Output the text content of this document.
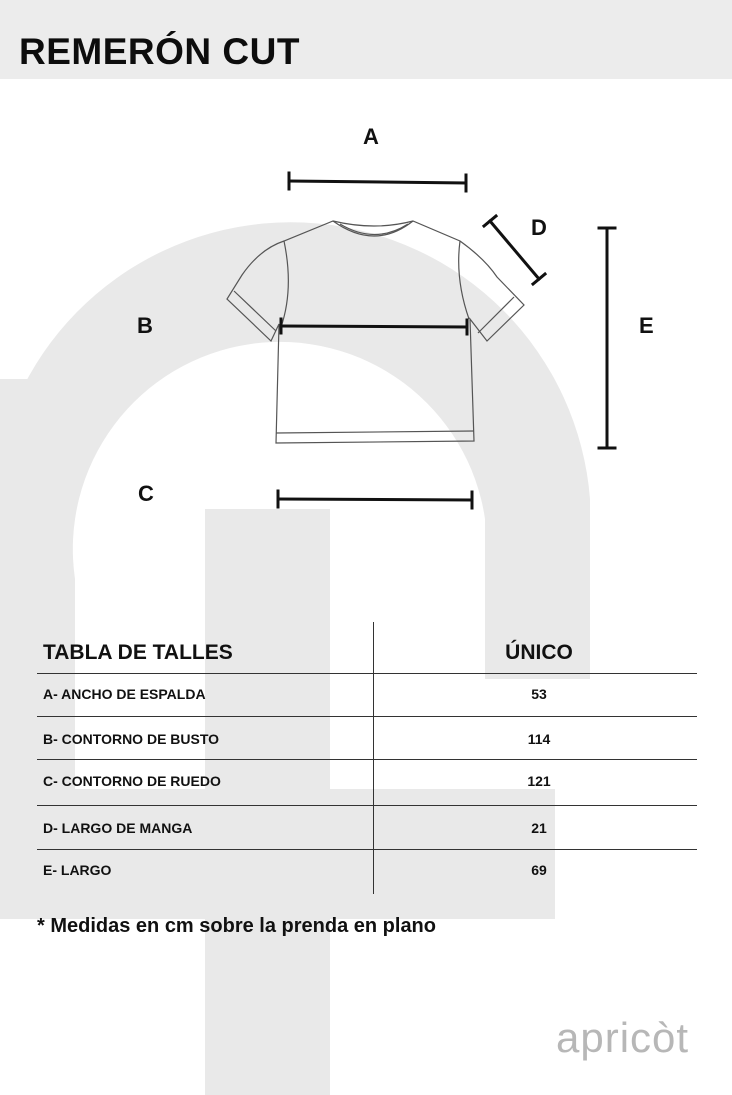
REMERÓN CUT
A
B
C
D
E
TABLA DE TALLES	ÚNICO
A- ANCHO DE ESPALDA	53
B- CONTORNO DE BUSTO	114
C- CONTORNO DE RUEDO	121
D- LARGO DE MANGA	21
E- LARGO	69
* Medidas en cm sobre la prenda en plano
apricòt
